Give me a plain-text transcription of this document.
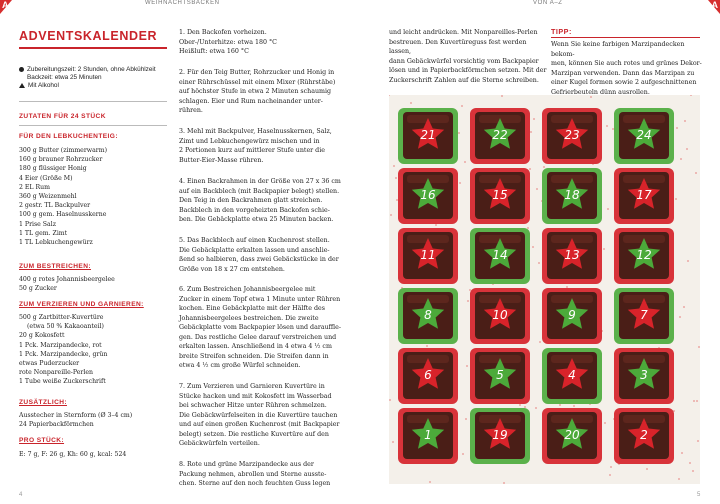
A	A
WEIHNACHTSBACKEN	VON A–Z
ADVENTSKALENDER
Zubereitungszeit: 2 Stunden, ohne Abkühlzeit
Backzeit: etwa 25 Minuten
Mit Alkohol
ZUTATEN FÜR 24 STÜCK
FÜR DEN LEBKUCHENTEIG:
300 g Butter (zimmerwarm)
160 g brauner Rohrzucker
180 g flüssiger Honig
4 Eier (Größe M)
2 EL Rum
360 g Weizenmehl
2 gestr. TL Backpulver
100 g gem. Haselnusskerne
1 Prise Salz
1 TL gem. Zimt
1 TL Lebkuchengewürz
ZUM BESTREICHEN:
400 g rotes Johannisbeergelee
50 g Zucker
ZUM VERZIEREN UND GARNIEREN:
500 g Zartbitter-Kuvertüre
(etwa 50 % Kakaoanteil)
20 g Kokosfett
1 Pck. Marzipandecke, rot
1 Pck. Marzipandecke, grün
etwas Puderzucker
rote Nonpareille-Perlen
1 Tube weiße Zuckerschrift
ZUSÄTZLICH:
Ausstecher in Sternform (Ø 3–4 cm)
24 Papierbackförmchen
PRO STÜCK:
E: 7 g, F: 26 g, Kh: 60 g, kcal: 524
1. Den Backofen vorheizen.
Ober-/Unterhitze: etwa 180 °C
Heißluft: etwa 160 °C
2. Für den Teig Butter, Rohrzucker und Honig in
einer Rührschüssel mit einem Mixer (Rührstäbe)
auf höchster Stufe in etwa 2 Minuten schaumig
schlagen. Eier und Rum nacheinander unter-
rühren.
3. Mehl mit Backpulver, Haselnusskernen, Salz,
Zimt und Lebkuchengewürz mischen und in
2 Portionen kurz auf mittlerer Stufe unter die
Butter-Eier-Masse rühren.
4. Einen Backrahmen in der Größe von 27 x 36 cm
auf ein Backblech (mit Backpapier belegt) stellen.
Den Teig in den Backrahmen glatt streichen.
Backblech in den vorgeheizten Backofen schie-
ben. Die Gebäckplatte etwa 25 Minuten backen.
5. Das Backblech auf einen Kuchenrost stellen.
Die Gebäckplatte erkalten lassen und anschlie-
ßend so halbieren, dass zwei Gebäckstücke in der
Größe von 18 x 27 cm entstehen.
6. Zum Bestreichen Johannisbeergelee mit
Zucker in einem Topf etwa 1 Minute unter Rühren
kochen. Eine Gebäckplatte mit der Hälfte des
Johannisbeergelees bestreichen. Die zweite
Gebäckplatte vom Backpapier lösen und darauffle-
gen. Das restliche Gelee darauf verstreichen und
erkalten lassen. Anschließend in 4 etwa 4 ½ cm
breite Streifen schneiden. Die Streifen dann in
etwa 4 ½ cm große Würfel schneiden.
7. Zum Verzieren und Garnieren Kuvertüre in
Stücke hacken und mit Kokosfett im Wasserbad
bei schwacher Hitze unter Rühren schmelzen.
Die Gebäckwürfelseiten in die Kuvertüre tauchen
und auf einen großen Kuchenrost (mit Backpapier
belegt) setzen. Die restliche Kuvertüre auf den
Gebäckwürfeln verteilen.
8. Rote und grüne Marzipandecke aus der
Packung nehmen, abrollen und Sterne ausste-
chen. Sterne auf den noch feuchten Guss legen
und leicht andrücken. Mit Nonpareilles-Perlen
bestreuen. Den Kuvertüreguss fest werden lassen,
dann Gebäckwürfel vorsichtig vom Backpapier
lösen und in Papierbackförmchen setzen. Mit der
Zuckerschrift Zahlen auf die Sterne schreiben.
TIPP:
Wenn Sie keine farbigen Marzipandecken bekom-
men, können Sie auch rotes und grünes Dekor-
Marzipan verwenden. Dann das Marzipan zu
einer Kugel formen sowie 2 aufgeschnittenen
Gefrierbeuteln dünn ausrollen.
21	22	23	24
16	15	18	17
11	14	13	12
8	10	9	7
6	5	4	3
1	19	20	2
4	5
